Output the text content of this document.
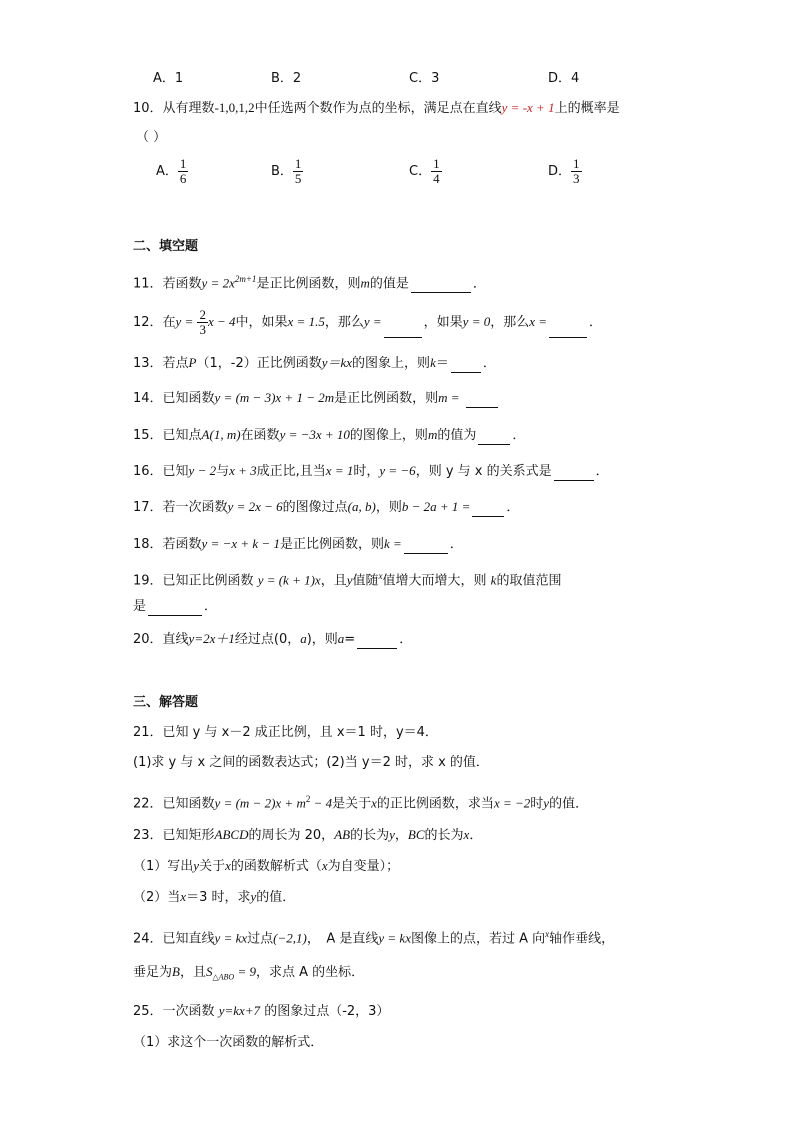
A．1	B．2	C．3	D．4
10．从有理数-1,0,1,2中任选两个数作为点的坐标，满足点在直线y = -x + 1上的概率是
（ ）
A． $\frac{1}{6}$	B． $\frac{1}{5}$	C． $\frac{1}{4}$	D． $\frac{1}{3}$
二、填空题
11．若函数$y = 2x^{2m+1}$是正比例函数，则m的值是	．
12．在$y = \frac{2}{3}$ x − 4中，如果x = 1.5，那么y =	，如果y = 0，那么x =	．
13．若点P（1，-2）正比例函数y＝kx的图象上，则k＝	．
14．已知函数y = (m − 3)x + 1 − 2m是正比例函数，则m =
15．已知点A(1, m)在函数y = −3x + 10的图像上，则m的值为	．
16．已知y − 2与x + 3成正比,且当x = 1时，y = −6，则 y 与 x 的关系式是	．
17．若一次函数y = 2x − 6的图像过点(a, b)，则b − 2a + 1 =	．
18．若函数y = −x + k − 1是正比例函数，则k =	．
19．已知正比例函数 y = (k + 1)x，且y值随$^x$值增大而增大，则 k的取值范围
是	．
20．直线y=2x＋1经过点(0，a)，则a=	．
三、解答题
21．已知 y 与 x－2 成正比例，且 x＝1 时，y＝4．
(1)求 y 与 x 之间的函数表达式；(2)当 y＝2 时，求 x 的值．
22．已知函数$y = (m - 2)x + m^2 - 4$是关于x的正比例函数，求当x = −2时y的值．
23．已知矩形ABCD的周长为 20，AB的长为y，BC的长为x．
（1）写出y关于x的函数解析式（x为自变量）；
（2）当x＝3 时，求y的值．
24．已知直线y = kx过点(−2,1)，　A 是直线y = kx图像上的点，若过 A 向$^x$轴作垂线，
垂足为B，且$S_{\triangle ABO} = 9$，求点 A 的坐标．
25．一次函数 y=kx+7 的图象过点（-2，3）
（1）求这个一次函数的解析式．
